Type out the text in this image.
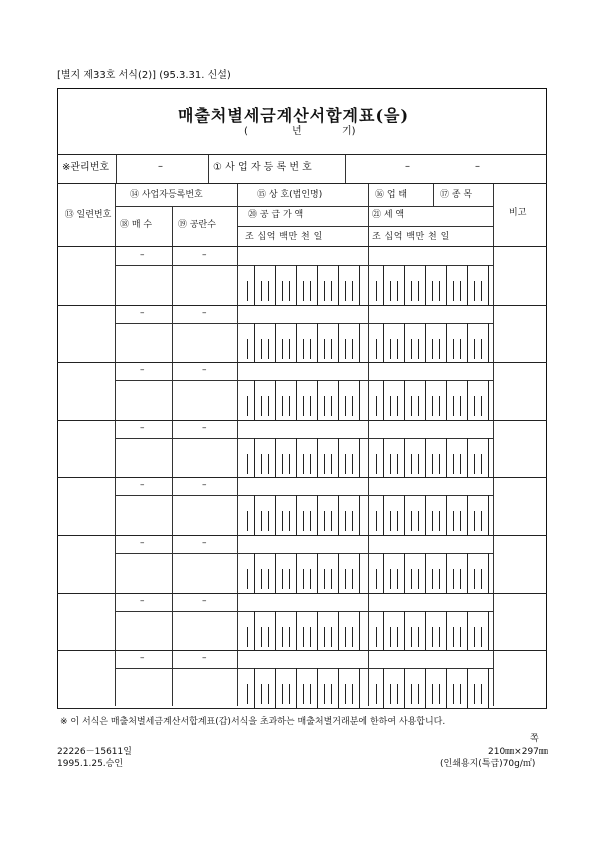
[별지 제33호 서식(2)] (95.3.31. 신설)
매출처별세금계산서합계표(을)
(	년	기)
※관리번호	–	① 사 업 자 등 록 번 호	–	–
⑬ 일련번호
⑭ 사업자등록번호	⑮ 상 호(법인명)	⑯ 업 태	⑰ 종 목
비고
⑱ 매 수	⑲ 공란수
⑳ 공 급 가 액	㉑ 세 액
조 십억 백만 천 일	조 십억 백만 천 일
–	–
–	–
–	–
–	–
–	–
–	–
–	–
–	–
※ 이 서식은 매출처별세금계산서합계표(갑)서식을 초과하는 매출처별거래분에 한하여 사용합니다.
22226－15611일
1995.1.25.승인
쪽
210㎜×297㎜
(인쇄용지(특급)70g/㎡)
